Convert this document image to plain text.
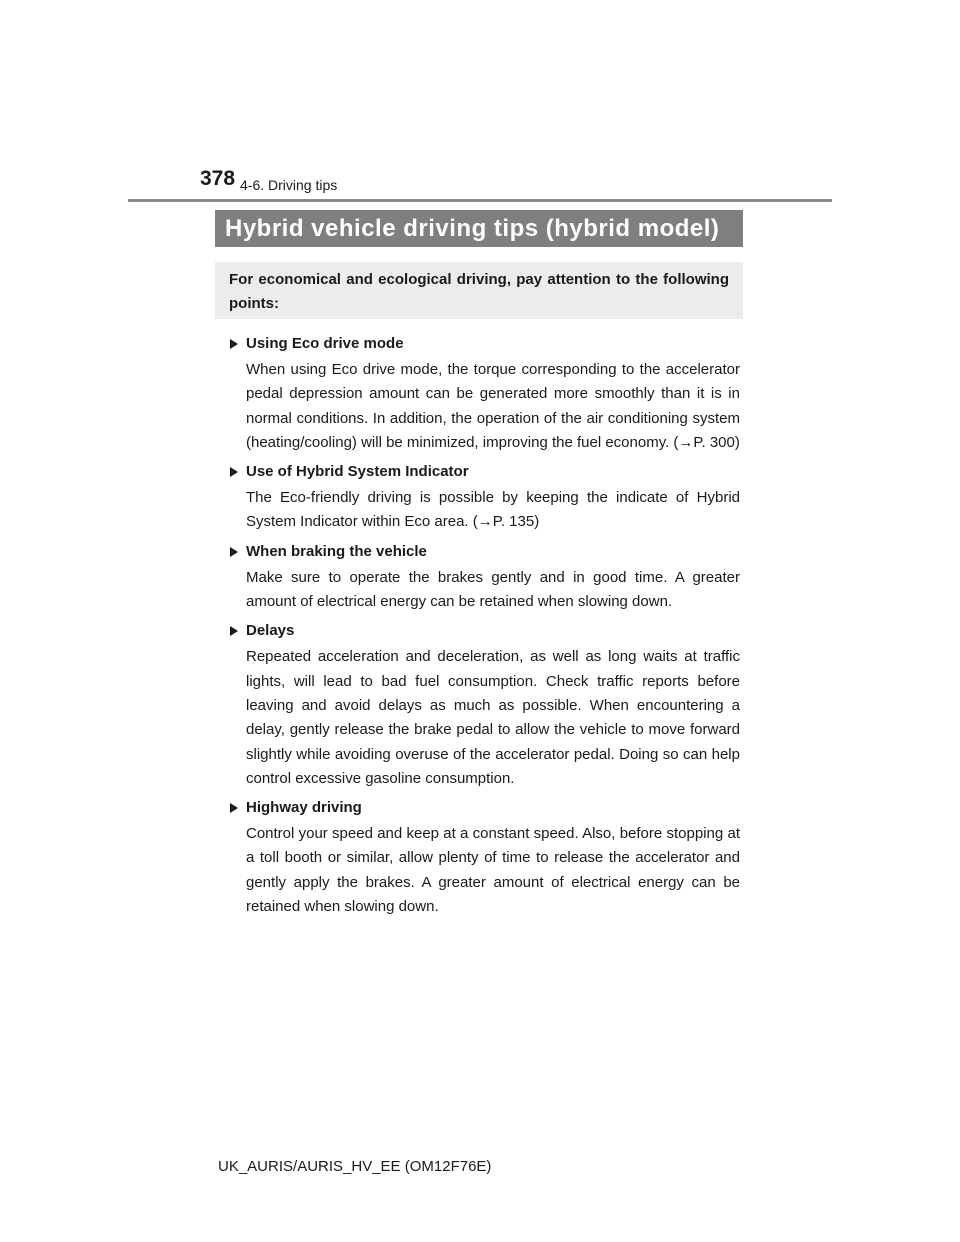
378 4-6. Driving tips
Hybrid vehicle driving tips (hybrid model)
For economical and ecological driving, pay attention to the following points:
Using Eco drive mode
When using Eco drive mode, the torque corresponding to the accelerator pedal depression amount can be generated more smoothly than it is in normal conditions. In addition, the operation of the air conditioning system (heating/cooling) will be minimized, improving the fuel economy. (→P. 300)
Use of Hybrid System Indicator
The Eco-friendly driving is possible by keeping the indicate of Hybrid System Indicator within Eco area. (→P. 135)
When braking the vehicle
Make sure to operate the brakes gently and in good time. A greater amount of electrical energy can be retained when slowing down.
Delays
Repeated acceleration and deceleration, as well as long waits at traffic lights, will lead to bad fuel consumption. Check traffic reports before leaving and avoid delays as much as possible. When encountering a delay, gently release the brake pedal to allow the vehicle to move forward slightly while avoiding overuse of the accelerator pedal. Doing so can help control excessive gasoline consumption.
Highway driving
Control your speed and keep at a constant speed. Also, before stopping at a toll booth or similar, allow plenty of time to release the accelerator and gently apply the brakes. A greater amount of electrical energy can be retained when slowing down.
UK_AURIS/AURIS_HV_EE (OM12F76E)
